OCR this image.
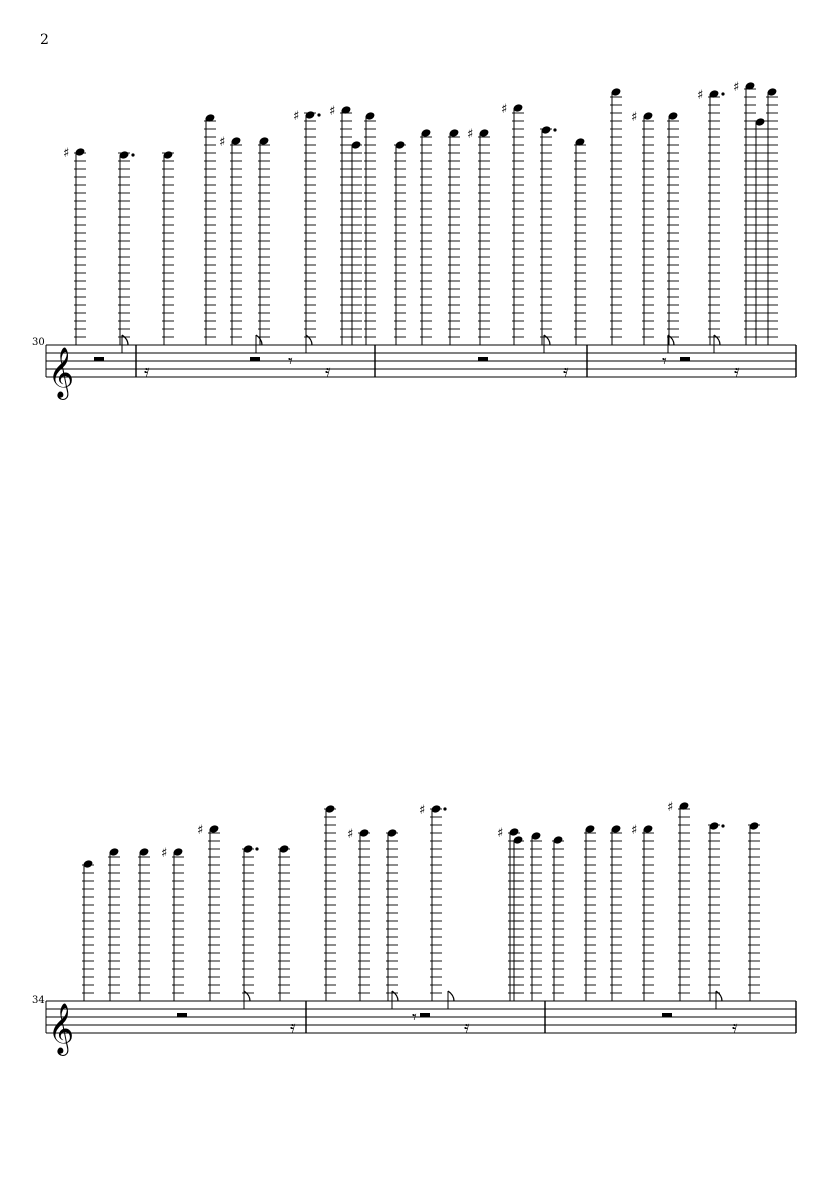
2
30
34
𝄞
♯
♯
♯ ♯
♯
♯
♯
♯
♯
𝄾	𝄾
𝄿	𝄿	𝄿	𝄿
𝄞
♯
♯	♯
♯
♯	♯
♯
𝄾
𝄿	𝄿	𝄿
